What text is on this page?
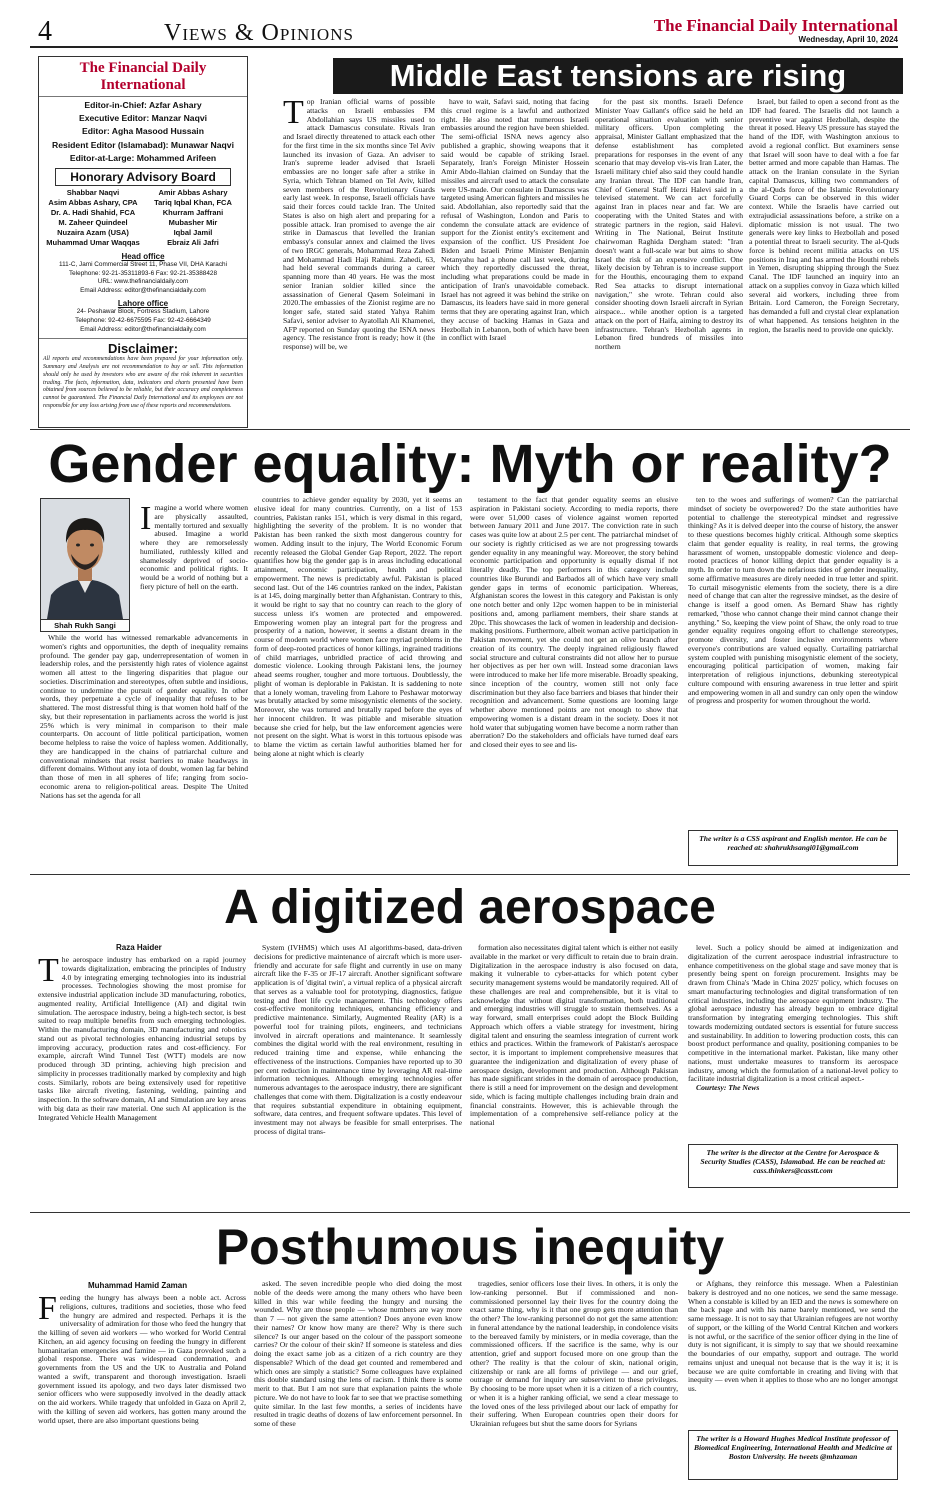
4	Views & Opinions	The Financial Daily International
Wednesday, April 10, 2024
The Financial Daily International
Editor-in-Chief: Azfar Ashary
Executive Editor: Manzar Naqvi
Editor: Agha Masood Hussain
Resident Editor (Islamabad): Munawar Naqvi
Editor-at-Large: Mohammed Arifeen
Honorary Advisory Board
Shabbar Naqvi
Asim Abbas Ashary, CPA
Dr. A. Hadi Shahid, FCA
M. Zaheer Quindeel
Nuzaira Azam (USA)
Muhammad Umar Waqqas
Amir Abbas Ashary
Tariq Iqbal Khan, FCA
Khurram Jaffrani
Mubasher Mir
Iqbal Jamil
Ebraiz Ali Jafri
Head office
111-C, Jami Commercial Street 11, Phase VII, DHA Karachi
Telephone: 92-21-35311893-6 Fax: 92-21-35388428
URL: www.thefinancialdaily.com
Email Address: editor@thefinancialdaily.com
Lahore office
24- Peshawar Block, Fortress Stadium, Lahore
Telephone: 92-42-6675595 Fax: 92-42-6664349
Email Address: editor@thefinancialdaily.com
Disclaimer:
All reports and recommendations have been prepared for your information only. Summary and Analysis are not recommendation to buy or sell. This information should only be used by investors who are aware of the risk inherent in securities trading. The facts, information, data, indicators and charts presented have been obtained from sources believed to be reliable, but their accuracy and completeness cannot be guaranteed. The Financial Daily International and its employees are not responsible for any loss arising from use of these reports and recommendations.
Middle East tensions are rising

Top Iranian official warns of possible attacks on Israeli embassies FM Abdollahian says US missiles used to attack Damascus consulate. Rivals Iran and Israel directly threatened to attack each other for the first time in the six months since Tel Aviv launched its invasion of Gaza. An adviser to Iran's supreme leader advised that Israeli embassies are no longer safe after a strike in Syria, which Tehran blamed on Tel Aviv, killed seven members of the Revolutionary Guards early last week. In response, Israeli officials have said their forces could tackle Iran. The United States is also on high alert and preparing for a possible attack. Iran promised to avenge the air strike in Damascus that levelled the Iranian embassy's consular annex and claimed the lives of two IRGC generals, Mohammad Reza Zahedi and Mohammad Hadi Haji Rahimi. Zahedi, 63, had held several commands during a career spanning more than 40 years. He was the most senior Iranian soldier killed since the assassination of General Qasem Soleimani in 2020.The embassies of the Zionist regime are no longer safe, stated said stated Yahya Rahim Safavi, senior adviser to Ayatollah Ali Khamenei, AFP reported on Sunday quoting the ISNA news agency. The resistance front is ready; how it (the response) will be, we

have to wait, Safavi said, noting that facing this cruel regime is a lawful and authorized right. He also noted that numerous Israeli embassies around the region have been shielded. The semi-official ISNA news agency also published a graphic, showing weapons that it said would be capable of striking Israel. Separately, Iran's Foreign Minister Hossein Amir Abdo-llahian claimed on Sunday that the missiles and aircraft used to attack the consulate were US-made. Our consulate in Damascus was targeted using American fighters and missiles he said. Abdollahian, also reportedly said that the refusal of Washington, London and Paris to condemn the consulate attack are evidence of support for the Zionist entity's excitement and expansion of the conflict. US President Joe Biden and Israeli Prime Minister Benjamin Netanyahu had a phone call last week, during which they reportedly discussed the threat, including what preparations could be made in anticipation of Iran's unavoidable comeback. Israel has not agreed it was behind the strike on Damascus, its leaders have said in more general terms that they are operating against Iran, which they accuse of backing Hamas in Gaza and Hezbollah in Lebanon, both of which have been in conflict with Israel

for the past six months. Israeli Defence Minister Yoav Gallant's office said he held an operational situation evaluation with senior military officers. Upon completing the appraisal, Minister Gallant emphasized that the defense establishment has completed preparations for responses in the event of any scenario that may develop vis-vis Iran Later, the Israeli military chief also said they could handle any Iranian threat. The IDF can handle Iran, Chief of General Staff Herzi Halevi said in a televised statement. We can act forcefully against Iran in places near and far. We are cooperating with the United States and with strategic partners in the region, said Halevi. Writing in The National, Beirut Institute chairwoman Raghida Dergham stated: "Iran doesn't want a full-scale war but aims to show Israel the risk of an expensive conflict. One likely decision by Tehran is to increase support for the Houthis, encouraging them to expand Red Sea attacks to disrupt international navigation," she wrote. Tehran could also consider shooting down Israeli aircraft in Syrian airspace... while another option is a targeted attack on the port of Haifa, aiming to destroy its infrastructure. Tehran's Hezbollah agents in Lebanon fired hundreds of missiles into northern

Israel, but failed to open a second front as the IDF had feared. The Israelis did not launch a preventive war against Hezbollah, despite the threat it posed. Heavy US pressure has stayed the hand of the IDF, with Washington anxious to avoid a regional conflict. But examiners sense that Israel will soon have to deal with a foe far better armed and more capable than Hamas. The attack on the Iranian consulate in the Syrian capital Damascus, killing two commanders of the al-Quds force of the Islamic Revolutionary Guard Corps can be observed in this wider context. While the Israelis have carried out extrajudicial assassinations before, a strike on a diplomatic mission is not usual. The two generals were key links to Hezbollah and posed a potential threat to Israeli security. The al-Quds force is behind recent militia attacks on US positions in Iraq and has armed the Houthi rebels in Yemen, disrupting shipping through the Suez Canal. The IDF launched an inquiry into an attack on a supplies convoy in Gaza which killed several aid workers, including three from Britain. Lord Cameron, the Foreign Secretary, has demanded a full and crystal clear explanation of what happened. As tensions heighten in the region, the Israelis need to provide one quickly.

Gender equality: Myth or reality?
Shah Rukh Sangi

Imagine a world where women are physically assaulted, mentally tortured and sexually abused. Imagine a world where they are remorselessly humiliated, ruthlessly killed and shamelessly deprived of socio-economic and political rights. It would be a world of nothing but a fiery picture of hell on the earth.

While the world has witnessed remarkable advancements in women's rights and opportunities, the depth of inequality remains profound. The gender pay gap, underrepresentation of women in leadership roles, and the persistently high rates of violence against women all attest to the lingering disparities that plague our societies. Discrimination and stereotypes, often subtle and insidious, continue to undermine the pursuit of gender equality. In other words, they perpetuate a cycle of inequality that refuses to be shattered. The most distressful thing is that women hold half of the sky, but their representation in parliaments across the world is just 25% which is very minimal in comparison to their male counterparts. On account of little political participation, women become helpless to raise the voice of hapless women. Additionally, they are handicapped in the chains of patriarchal culture and conventional mindsets that resist barriers to make headways in different domains. Without any iota of doubt, women lag far behind than those of men in all spheres of life; ranging from socio-economic arena to religion-political areas. Despite The United Nations has set the agenda for all

countries to achieve gender equality by 2030, yet it seems an elusive ideal for many countries. Currently, on a list of 153 countries, Pakistan ranks 151, which is very dismal in this regard, highlighting the severity of the problem. It is no wonder that Pakistan has been ranked the sixth most dangerous country for women. Adding insult to the injury, The World Economic Forum recently released the Global Gender Gap Report, 2022. The report quantifies how big the gender gap is in areas including educational attainment, economic participation, health and political empowerment. The news is predictably awful. Pakistan is placed second last. Out of the 146 countries ranked on the index, Pakistan is at 145, doing marginally better than Afghanistan. Contrary to this, it would be right to say that no country can reach to the glory of success unless it's women are protected and empowered. Empowering women play an integral part for the progress and prosperity of a nation, however, it seems a distant dream in the course of modern world where women face myriad problems in the form of deep-rooted practices of honor killings, ingrained traditions of child marriages, unbridled practice of acid throwing and domestic violence. Looking through Pakistani lens, the journey ahead seems rougher, tougher and more tortuous. Doubtlessly, the plight of woman is deplorable in Pakistan. It is saddening to note that a lonely woman, traveling from Lahore to Peshawar motorway was brutally attacked by some misogynistic elements of the society. Moreover, she was tortured and brutally raped before the eyes of her innocent children. It was pitiable and miserable situation because she cried for help, but the law enforcement agencies were not present on the sight. What is worst in this tortuous episode was to blame the victim as certain lawful authorities blamed her for being alone at night which is clearly

testament to the fact that gender equality seems an elusive aspiration in Pakistani society. According to media reports, there were over 51,000 cases of violence against women reported between January 2011 and June 2017. The conviction rate in such cases was quite low at about 2.5 per cent. The patriarchal mindset of our society is rightly criticised as we are not progressing towards gender equality in any meaningful way. Moreover, the story behind economic participation and opportunity is equally dismal if not literally deadly. The top performers in this category include countries like Burundi and Barbados all of which have very small gender gaps in terms of economic participation. Whereas, Afghanistan scores the lowest in this category and Pakistan is only one notch better and only 12pc women happen to be in ministerial positions and, among parliament members, their share stands at 20pc. This showcases the lack of women in leadership and decision-making positions. Furthermore, albeit woman active participation in Pakistan movement, yet she could not get an olive branch after creation of its country. The deeply ingrained religiously flawed social structure and cultural constraints did not allow her to pursue her objectives as per her own will. Instead some draconian laws were introduced to make her life more miserable. Broadly speaking, since inception of the country, women still not only face discrimination but they also face barriers and biases that hinder their recognition and advancement. Some questions are looming large whether above mentioned points are not enough to show that empowering women is a distant dream in the society. Does it not hold water that subjugating women have become a norm rather than aberration? Do the stakeholders and officials have turned deaf ears and closed their eyes to see and lis-

ten to the woes and sufferings of women? Can the patriarchal mindset of society be overpowered? Do the state authorities have potential to challenge the stereotypical mindset and regressive thinking? As it is delved deeper into the course of history, the answer to these questions becomes highly critical. Although some skeptics claim that gender equality is reality, in real terms, the growing harassment of women, unstoppable domestic violence and deep-rooted practices of honor killing depict that gender equality is a myth. In order to turn down the nefarious tides of gender inequality, some affirmative measures are direly needed in true letter and spirit. To curtail misogynistic elements from the society, there is a dire need of change that can alter the regressive mindset, as the desire of change is itself a good omen. As Bernard Shaw has rightly remarked, "those who cannot change their mind cannot change their anything." So, keeping the view point of Shaw, the only road to true gender equality requires ongoing effort to challenge stereotypes, promote diversity, and foster inclusive environments where everyone's contributions are valued equally. Curtailing patriarchal system coupled with punishing misogynistic element of the society, encouraging political participation of women, making fair interpretation of religious injunctions, debunking stereotypical culture compound with ensuring awareness in true letter and spirit and empowering women in all and sundry can only open the window of progress and prosperity for women throughout the world.

The writer is a CSS aspirant and English mentor. He can be reached at: shahrukhsangi01@gmail.com
A digitized aerospace
Raza Haider

The aerospace industry has embarked on a rapid journey towards digitalization, embracing the principles of Industry 4.0 by integrating emerging technologies into its industrial processes. Technologies showing the most promise for extensive industrial application include 3D manufacturing, robotics, augmented reality, Artificial Intelligence (AI) and digital twin simulation. The aerospace industry, being a high-tech sector, is best suited to reap multiple benefits from such emerging technologies. Within the manufacturing domain, 3D manufacturing and robotics stand out as pivotal technologies enhancing industrial setups by improving accuracy, production rates and cost-efficiency. For example, aircraft Wind Tunnel Test (WTT) models are now produced through 3D printing, achieving high precision and simplicity in processes traditionally marked by complexity and high costs. Similarly, robots are being extensively used for repetitive tasks like aircraft riveting, fastening, welding, painting and inspection. In the software domain, AI and Simulation are key areas with big data as their raw material. One such AI application is the Integrated Vehicle Health Management

System (IVHMS) which uses AI algorithms-based, data-driven decisions for predictive maintenance of aircraft which is more user-friendly and accurate for safe flight and currently in use on many aircraft like the F-35 or JF-17 aircraft. Another significant software application is of 'digital twin', a virtual replica of a physical aircraft that serves as a valuable tool for prototyping, diagnostics, fatigue testing and fleet life cycle management. This technology offers cost-effective monitoring techniques, enhancing efficiency and predictive maintenance. Similarly, Augmented Reality (AR) is a powerful tool for training pilots, engineers, and technicians involved in aircraft operations and maintenance. It seamlessly combines the digital world with the real environment, resulting in reduced training time and expense, while enhancing the effectiveness of the instructions. Companies have reported up to 30 per cent reduction in maintenance time by leveraging AR real-time information techniques. Although emerging technologies offer numerous advantages to the aerospace industry, there are significant challenges that come with them. Digitalization is a costly endeavour that requires substantial expenditure in obtaining equipment, software, data centres, and frequent software updates. This level of investment may not always be feasible for small enterprises. The process of digital trans-

formation also necessitates digital talent which is either not easily available in the market or very difficult to retain due to brain drain. Digitalization in the aerospace industry is also focused on data, making it vulnerable to cyber-attacks for which potent cyber security management systems would be mandatorily required. All of these challenges are real and comprehensible, but it is vital to acknowledge that without digital transformation, both traditional and emerging industries will struggle to sustain themselves. As a way forward, small enterprises could adopt the Block Building Approach which offers a viable strategy for investment, hiring digital talent and ensuring the seamless integration of current work ethics and practices. Within the framework of Pakistan's aerospace sector, it is important to implement comprehensive measures that guarantee the indigenization and digitalization of every phase of aerospace design, development and production. Although Pakistan has made significant strides in the domain of aerospace production, there is still a need for improvement on the design and development side, which is facing multiple challenges including brain drain and financial constraints. However, this is achievable through the implementation of a comprehensive self-reliance policy at the national

level. Such a policy should be aimed at indigenization and digitalization of the current aerospace industrial infrastructure to enhance competitiveness on the global stage and save money that is presently being spent on foreign procurement. Insights may be drawn from China's 'Made in China 2025' policy, which focuses on smart manufacturing technologies and digital transformation of ten critical industries, including the aerospace equipment industry. The global aerospace industry has already begun to embrace digital transformation by integrating emerging technologies. This shift towards modernizing outdated sectors is essential for future success and sustainability. In addition to lowering production costs, this can boost product performance and quality, positioning companies to be competitive in the international market. Pakistan, like many other nations, must undertake measures to transform its aerospace industry, among which the formulation of a national-level policy to facilitate industrial digitalization is a most critical aspect.-

Courtesy: The News

The writer is the director at the Centre for Aerospace & Security Studies (CASS), Islamabad. He can be reached at: cass.thinkers@casstt.com
Posthumous inequity
Muhammad Hamid Zaman

Feeding the hungry has always been a noble act. Across religions, cultures, traditions and societies, those who feed the hungry are admired and respected. Perhaps it is the universality of admiration for those who feed the hungry that the killing of seven aid workers — who worked for World Central Kitchen, an aid agency focusing on feeding the hungry in different humanitarian emergencies and famine — in Gaza provoked such a global response. There was widespread condemnation, and governments from the US and the UK to Australia and Poland wanted a swift, transparent and thorough investigation. Israeli government issued its apology, and two days later dismissed two senior officers who were supposedly involved in the deadly attack on the aid workers. While tragedy that unfolded in Gaza on April 2, with the killing of seven aid workers, has gotten many around the world upset, there are also important questions being

asked. The seven incredible people who died doing the most noble of the deeds were among the many others who have been killed in this war while feeding the hungry and nursing the wounded. Why are those people — whose numbers are way more than 7 — not given the same attention? Does anyone even know their names? Or know how many are there? Why is there such silence? Is our anger based on the colour of the passport someone carries? Or the colour of their skin? If someone is stateless and dies doing the exact same job as a citizen of a rich country are they dispensable? Which of the dead get counted and remembered and which ones are simply a statistic? Some colleagues have explained this double standard using the lens of racism. I think there is some merit to that. But I am not sure that explanation paints the whole picture. We do not have to look far to see that we practise something quite similar. In the last few months, a series of incidents have resulted in tragic deaths of dozens of law enforcement personnel. In some of these

tragedies, senior officers lose their lives. In others, it is only the low-ranking personnel. But if commissioned and non-commissioned personnel lay their lives for the country doing the exact same thing, why is it that one group gets more attention than the other? The low-ranking personnel do not get the same attention: in funeral attendance by the national leadership, in condolence visits to the bereaved family by ministers, or in media coverage, than the commissioned officers. If the sacrifice is the same, why is our attention, grief and support focused more on one group than the other? The reality is that the colour of skin, national origin, citizenship or rank are all forms of privilege — and our grief, outrage or demand for inquiry are subservient to these privileges. By choosing to be more upset when it is a citizen of a rich country, or when it is a higher ranking official, we send a clear message to the loved ones of the less privileged about our lack of empathy for their suffering. When European countries open their doors for Ukrainian refugees but shut the same doors for Syrians

or Afghans, they reinforce this message. When a Palestinian bakery is destroyed and no one notices, we send the same message. When a constable is killed by an IED and the news is somewhere on the back page and with his name barely mentioned, we send the same message. It is not to say that Ukrainian refugees are not worthy of support, or the killing of the World Central Kitchen and workers is not awful, or the sacrifice of the senior officer dying in the line of duty is not significant, it is simply to say that we should reexamine the boundaries of our empathy, support and outrage. The world remains unjust and unequal not because that is the way it is; it is because we are quite comfortable in creating and living with that inequity — even when it applies to those who are no longer amongst us.

The writer is a Howard Hughes Medical Institute professor of Biomedical Engineering, International Health and Medicine at Boston University. He tweets @mhzaman
